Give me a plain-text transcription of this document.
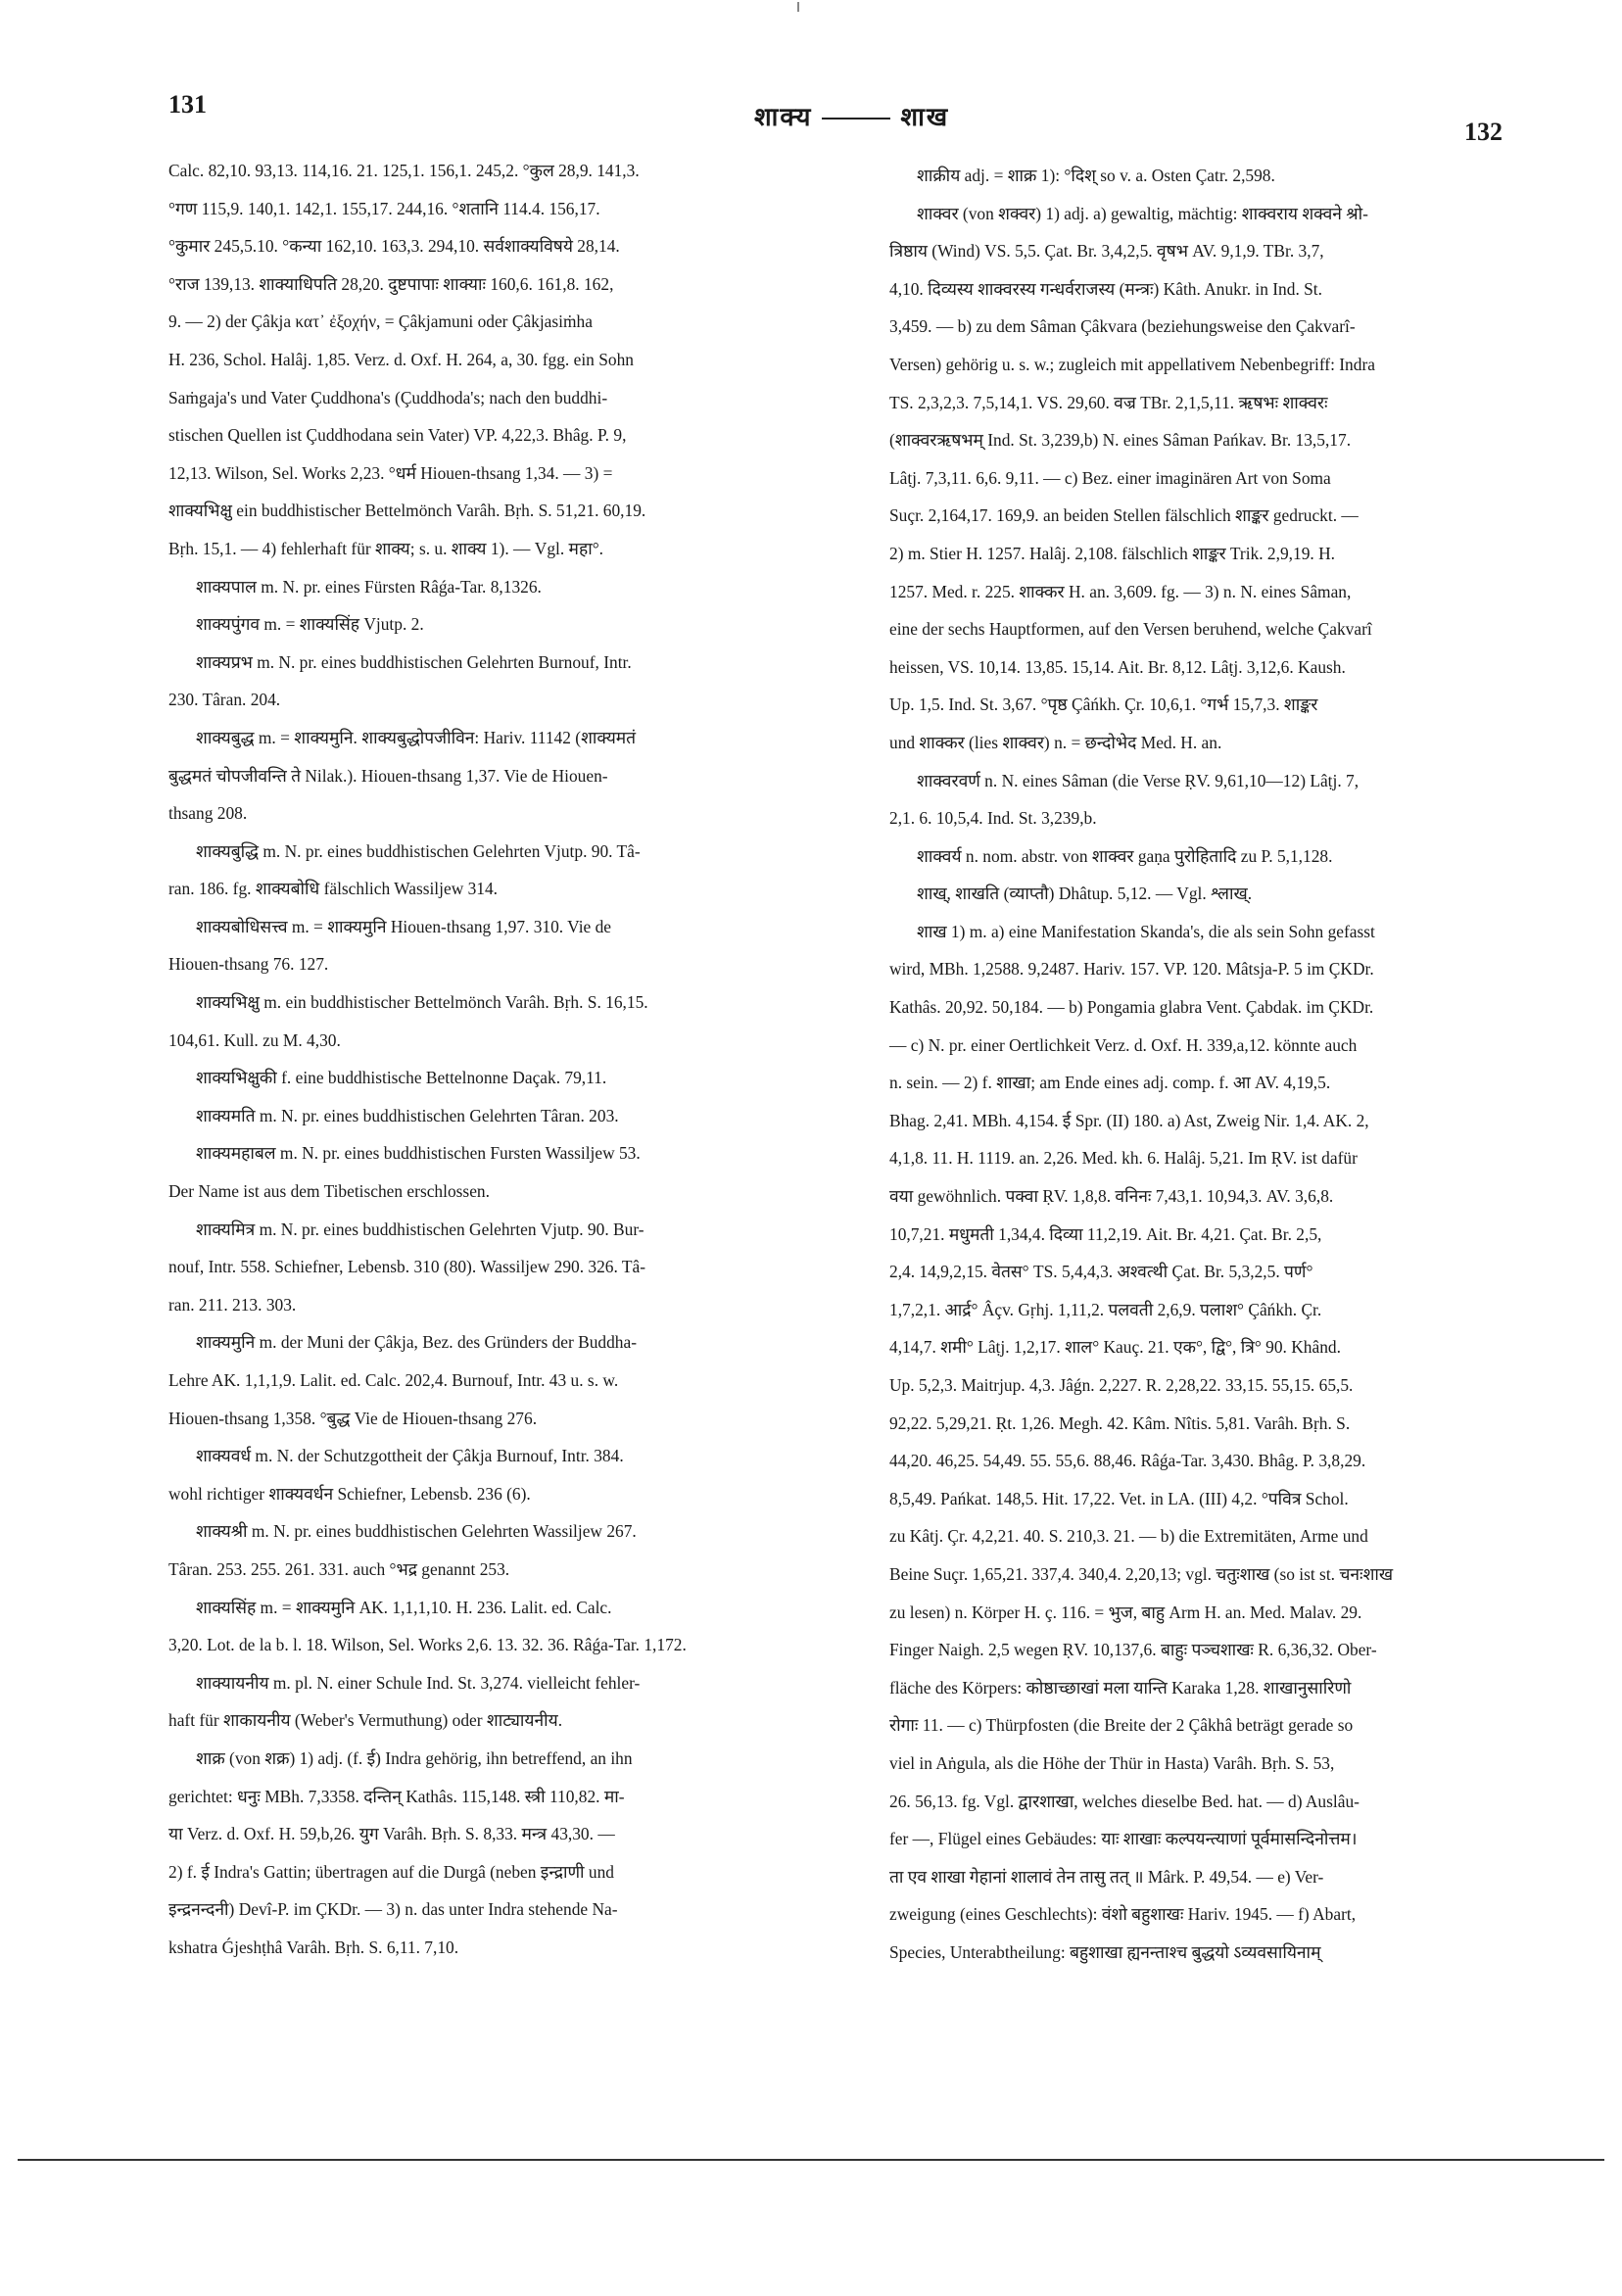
131	शाक्य	शाख	132

Calc. 82,10. 93,13. 114,16. 21. 125,1. 156,1. 245,2. °कुल 28,9. 141,3.

°गण 115,9. 140,1. 142,1. 155,17. 244,16. °शतानि 114.4. 156,17.

°कुमार 245,5.10. °कन्या 162,10. 163,3. 294,10. सर्वशाक्यविषये 28,14.

°राज 139,13. शाक्याधिपति 28,20. दुष्टपापाः शाक्याः 160,6. 161,8. 162,

9. — 2) der Çâkja κατ᾽ ἐξοχήν, = Çâkjamuni oder Çâkjasiṁha

H. 236, Schol. Halâj. 1,85. Verz. d. Oxf. H. 264, a, 30. fgg. ein Sohn

Saṁgaja's und Vater Çuddhona's (Çuddhoda's; nach den buddhi-

stischen Quellen ist Çuddhodana sein Vater) VP. 4,22,3. Bhâg. P. 9,

12,13. Wilson, Sel. Works 2,23. °धर्म Hiouen-thsang 1,34. — 3) =

शाक्यभिक्षु ein buddhistischer Bettelmönch Varâh. Bṛh. S. 51,21. 60,19.

Bṛh. 15,1. — 4) fehlerhaft für शाक्य; s. u. शाक्य 1). — Vgl. महा°.

शाक्यपाल m. N. pr. eines Fürsten Râǵa-Tar. 8,1326.

शाक्यपुंगव m. = शाक्यसिंह Vjutp. 2.

शाक्यप्रभ m. N. pr. eines buddhistischen Gelehrten Burnouf, Intr.

230. Târan. 204.

शाक्यबुद्ध m. = शाक्यमुनि. शाक्यबुद्धोपजीविन: Hariv. 11142 (शाक्यमतं

बुद्धमतं चोपजीवन्ति ते Nilak.). Hiouen-thsang 1,37. Vie de Hiouen-

thsang 208.

शाक्यबुद्धि m. N. pr. eines buddhistischen Gelehrten Vjutp. 90. Tâ-

ran. 186. fg. शाक्यबोधि fälschlich Wassiljew 314.

शाक्यबोधिसत्त्व m. = शाक्यमुनि Hiouen-thsang 1,97. 310. Vie de

Hiouen-thsang 76. 127.

शाक्यभिक्षु m. ein buddhistischer Bettelmönch Varâh. Bṛh. S. 16,15.

104,61. Kull. zu M. 4,30.

शाक्यभिक्षुकी f. eine buddhistische Bettelnonne Daçak. 79,11.

शाक्यमति m. N. pr. eines buddhistischen Gelehrten Târan. 203.

शाक्यमहाबल m. N. pr. eines buddhistischen Fursten Wassiljew 53.

Der Name ist aus dem Tibetischen erschlossen.

शाक्यमित्र m. N. pr. eines buddhistischen Gelehrten Vjutp. 90. Bur-

nouf, Intr. 558. Schiefner, Lebensb. 310 (80). Wassiljew 290. 326. Tâ-

ran. 211. 213. 303.

शाक्यमुनि m. der Muni der Çâkja, Bez. des Gründers der Buddha-

Lehre AK. 1,1,1,9. Lalit. ed. Calc. 202,4. Burnouf, Intr. 43 u. s. w.

Hiouen-thsang 1,358. °बुद्ध Vie de Hiouen-thsang 276.

शाक्यवर्ध m. N. der Schutzgottheit der Çâkja Burnouf, Intr. 384.

wohl richtiger शाक्यवर्धन Schiefner, Lebensb. 236 (6).

शाक्यश्री m. N. pr. eines buddhistischen Gelehrten Wassiljew 267.

Târan. 253. 255. 261. 331. auch °भद्र genannt 253.

शाक्यसिंह m. = शाक्यमुनि AK. 1,1,1,10. H. 236. Lalit. ed. Calc.

3,20. Lot. de la b. l. 18. Wilson, Sel. Works 2,6. 13. 32. 36. Râǵa-Tar. 1,172.

शाक्यायनीय m. pl. N. einer Schule Ind. St. 3,274. vielleicht fehler-

haft für शाकायनीय (Weber's Vermuthung) oder शाट्यायनीय.

शाक्र (von शक्र) 1) adj. (f. ई) Indra gehörig, ihn betreffend, an ihn

gerichtet: धनुः MBh. 7,3358. दन्तिन् Kathâs. 115,148. स्त्री 110,82. मा-

या Verz. d. Oxf. H. 59,b,26. युग Varâh. Bṛh. S. 8,33. मन्त्र 43,30. —

2) f. ई Indra's Gattin; übertragen auf die Durgâ (neben इन्द्राणी und

इन्द्रनन्दनी) Devî-P. im ÇKDr. — 3) n. das unter Indra stehende Na-

kshatra Ǵjeshṭhâ Varâh. Bṛh. S. 6,11. 7,10.

शाक्रीय adj. = शाक्र 1): °दिश् so v. a. Osten Çatr. 2,598.

शाक्वर (von शक्वर) 1) adj. a) gewaltig, mächtig: शाक्वराय शक्वने श्रो-

त्रिष्ठाय (Wind) VS. 5,5. Çat. Br. 3,4,2,5. वृषभ AV. 9,1,9. TBr. 3,7,

4,10. दिव्यस्य शाक्वरस्य गन्धर्वराजस्य (मन्त्रः) Kâth. Anukr. in Ind. St.

3,459. — b) zu dem Sâman Çâkvara (beziehungsweise den Çakvarî-

Versen) gehörig u. s. w.; zugleich mit appellativem Nebenbegriff: Indra

TS. 2,3,2,3. 7,5,14,1. VS. 29,60. वज्र TBr. 2,1,5,11. ऋषभः शाक्वरः

(शाक्वरऋषभम् Ind. St. 3,239,b) N. eines Sâman Pańkav. Br. 13,5,17.

Lâṭj. 7,3,11. 6,6. 9,11. — c) Bez. einer imaginären Art von Soma

Suçr. 2,164,17. 169,9. an beiden Stellen fälschlich शाङ्कर gedruckt. —

2) m. Stier H. 1257. Halâj. 2,108. fälschlich शाङ्कर Trik. 2,9,19. H.

1257. Med. r. 225. शाक्कर H. an. 3,609. fg. — 3) n. N. eines Sâman,

eine der sechs Hauptformen, auf den Versen beruhend, welche Çakvarî

heissen, VS. 10,14. 13,85. 15,14. Ait. Br. 8,12. Lâṭj. 3,12,6. Kaush.

Up. 1,5. Ind. St. 3,67. °पृष्ठ Çâńkh. Çr. 10,6,1. °गर्भ 15,7,3. शाङ्कर

und शाक्कर (lies शाक्वर) n. = छन्दोभेद Med. H. an.

शाक्वरवर्ण n. N. eines Sâman (die Verse ṚV. 9,61,10—12) Lâṭj. 7,

2,1. 6. 10,5,4. Ind. St. 3,239,b.

शाक्वर्य n. nom. abstr. von शाक्वर gaṇa पुरोहितादि zu P. 5,1,128.

शाख्, शाखति (व्याप्तौ) Dhâtup. 5,12. — Vgl. श्लाख्.

शाख 1) m. a) eine Manifestation Skanda's, die als sein Sohn gefasst

wird, MBh. 1,2588. 9,2487. Hariv. 157. VP. 120. Mâtsja-P. 5 im ÇKDr.

Kathâs. 20,92. 50,184. — b) Pongamia glabra Vent. Çabdak. im ÇKDr.

— c) N. pr. einer Oertlichkeit Verz. d. Oxf. H. 339,a,12. könnte auch

n. sein. — 2) f. शाखा; am Ende eines adj. comp. f. आ AV. 4,19,5.

Bhag. 2,41. MBh. 4,154. ई Spr. (II) 180. a) Ast, Zweig Nir. 1,4. AK. 2,

4,1,8. 11. H. 1119. an. 2,26. Med. kh. 6. Halâj. 5,21. Im ṚV. ist dafür

वया gewöhnlich. पक्वा ṚV. 1,8,8. वनिनः 7,43,1. 10,94,3. AV. 3,6,8.

10,7,21. मधुमती 1,34,4. दिव्या 11,2,19. Ait. Br. 4,21. Çat. Br. 2,5,

2,4. 14,9,2,15. वेतस° TS. 5,4,4,3. अश्वत्थी Çat. Br. 5,3,2,5. पर्ण°

1,7,2,1. आर्द्र° Âçv. Gṛhj. 1,11,2. पलवती 2,6,9. पलाश° Çâńkh. Çr.

4,14,7. शमी° Lâṭj. 1,2,17. शाल° Kauç. 21. एक°, द्वि°, त्रि° 90. Khând.

Up. 5,2,3. Maitrjup. 4,3. Jâǵn. 2,227. R. 2,28,22. 33,15. 55,15. 65,5.

92,22. 5,29,21. Ṛt. 1,26. Megh. 42. Kâm. Nîtis. 5,81. Varâh. Bṛh. S.

44,20. 46,25. 54,49. 55. 55,6. 88,46. Râǵa-Tar. 3,430. Bhâg. P. 3,8,29.

8,5,49. Pańkat. 148,5. Hit. 17,22. Vet. in LA. (III) 4,2. °पवित्र Schol.

zu Kâtj. Çr. 4,2,21. 40. S. 210,3. 21. — b) die Extremitäten, Arme und

Beine Suçr. 1,65,21. 337,4. 340,4. 2,20,13; vgl. चतुःशाख (so ist st. चनःशाख

zu lesen) n. Körper H. ç. 116. = भुज, बाहु Arm H. an. Med. Malav. 29.

Finger Naigh. 2,5 wegen ṚV. 10,137,6. बाहुः पञ्चशाखः R. 6,36,32. Ober-

fläche des Körpers: कोष्ठाच्छाखां मला यान्ति Karaka 1,28. शाखानुसारिणो

रोगाः 11. — c) Thürpfosten (die Breite der 2 Çâkhâ beträgt gerade so

viel in Aṅgula, als die Höhe der Thür in Hasta) Varâh. Bṛh. S. 53,

26. 56,13. fg. Vgl. द्वारशाखा, welches dieselbe Bed. hat. — d) Auslâu-

fer —, Flügel eines Gebäudes: याः शाखाः कल्पयन्त्याणां पूर्वमासन्दिनोत्तम।

ता एव शाखा गेहानां शालावं तेन तासु तत् ॥ Mârk. P. 49,54. — e) Ver-

zweigung (eines Geschlechts): वंशो बहुशाखः Hariv. 1945. — f) Abart,

Species, Unterabtheilung: बहुशाखा ह्यनन्ताश्च बुद्धयो ऽव्यवसायिनाम्
